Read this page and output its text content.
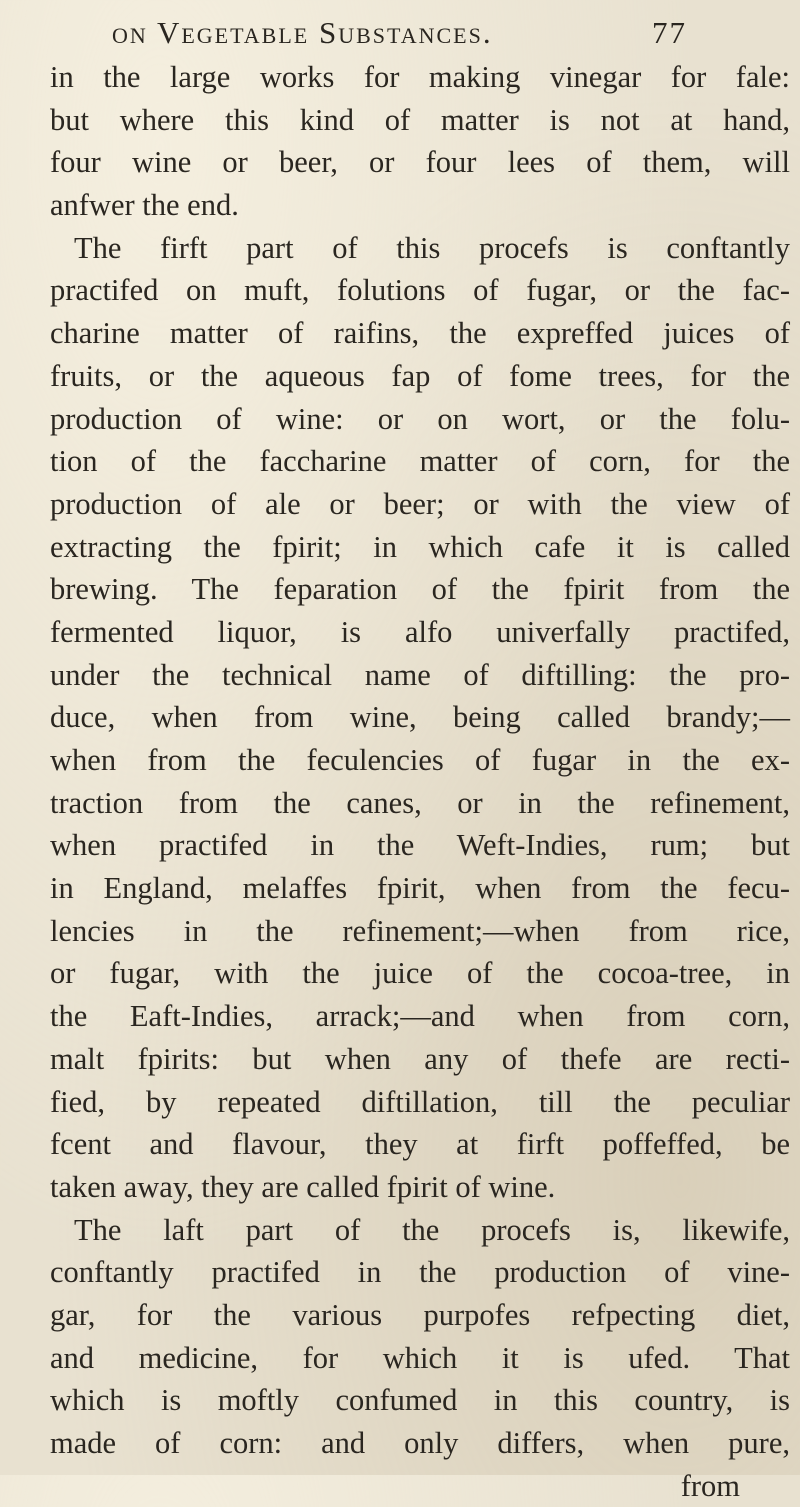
on Vegetable Substances.	77
in the large works for making vinegar for fale:
but where this kind of matter is not at hand,
four wine or beer, or four lees of them, will
anfwer the end.
The firft part of this procefs is conftantly
practifed on muft, folutions of fugar, or the fac-
charine matter of raifins, the expreffed juices of
fruits, or the aqueous fap of fome trees, for the
production of wine: or on wort, or the folu-
tion of the faccharine matter of corn, for the
production of ale or beer; or with the view of
extracting the fpirit; in which cafe it is called
brewing. The feparation of the fpirit from the
fermented liquor, is alfo univerfally practifed,
under the technical name of diftilling: the pro-
duce, when from wine, being called brandy;—
when from the feculencies of fugar in the ex-
traction from the canes, or in the refinement,
when practifed in the Weft-Indies, rum; but
in England, melaffes fpirit, when from the fecu-
lencies in the refinement;—when from rice,
or fugar, with the juice of the cocoa-tree, in
the Eaft-Indies, arrack;—and when from corn,
malt fpirits: but when any of thefe are recti-
fied, by repeated diftillation, till the peculiar
fcent and flavour, they at firft poffeffed, be
taken away, they are called fpirit of wine.
The laft part of the procefs is, likewife,
conftantly practifed in the production of vine-
gar, for the various purpofes refpecting diet,
and medicine, for which it is ufed. That
which is moftly confumed in this country, is
made of corn: and only differs, when pure,
from
